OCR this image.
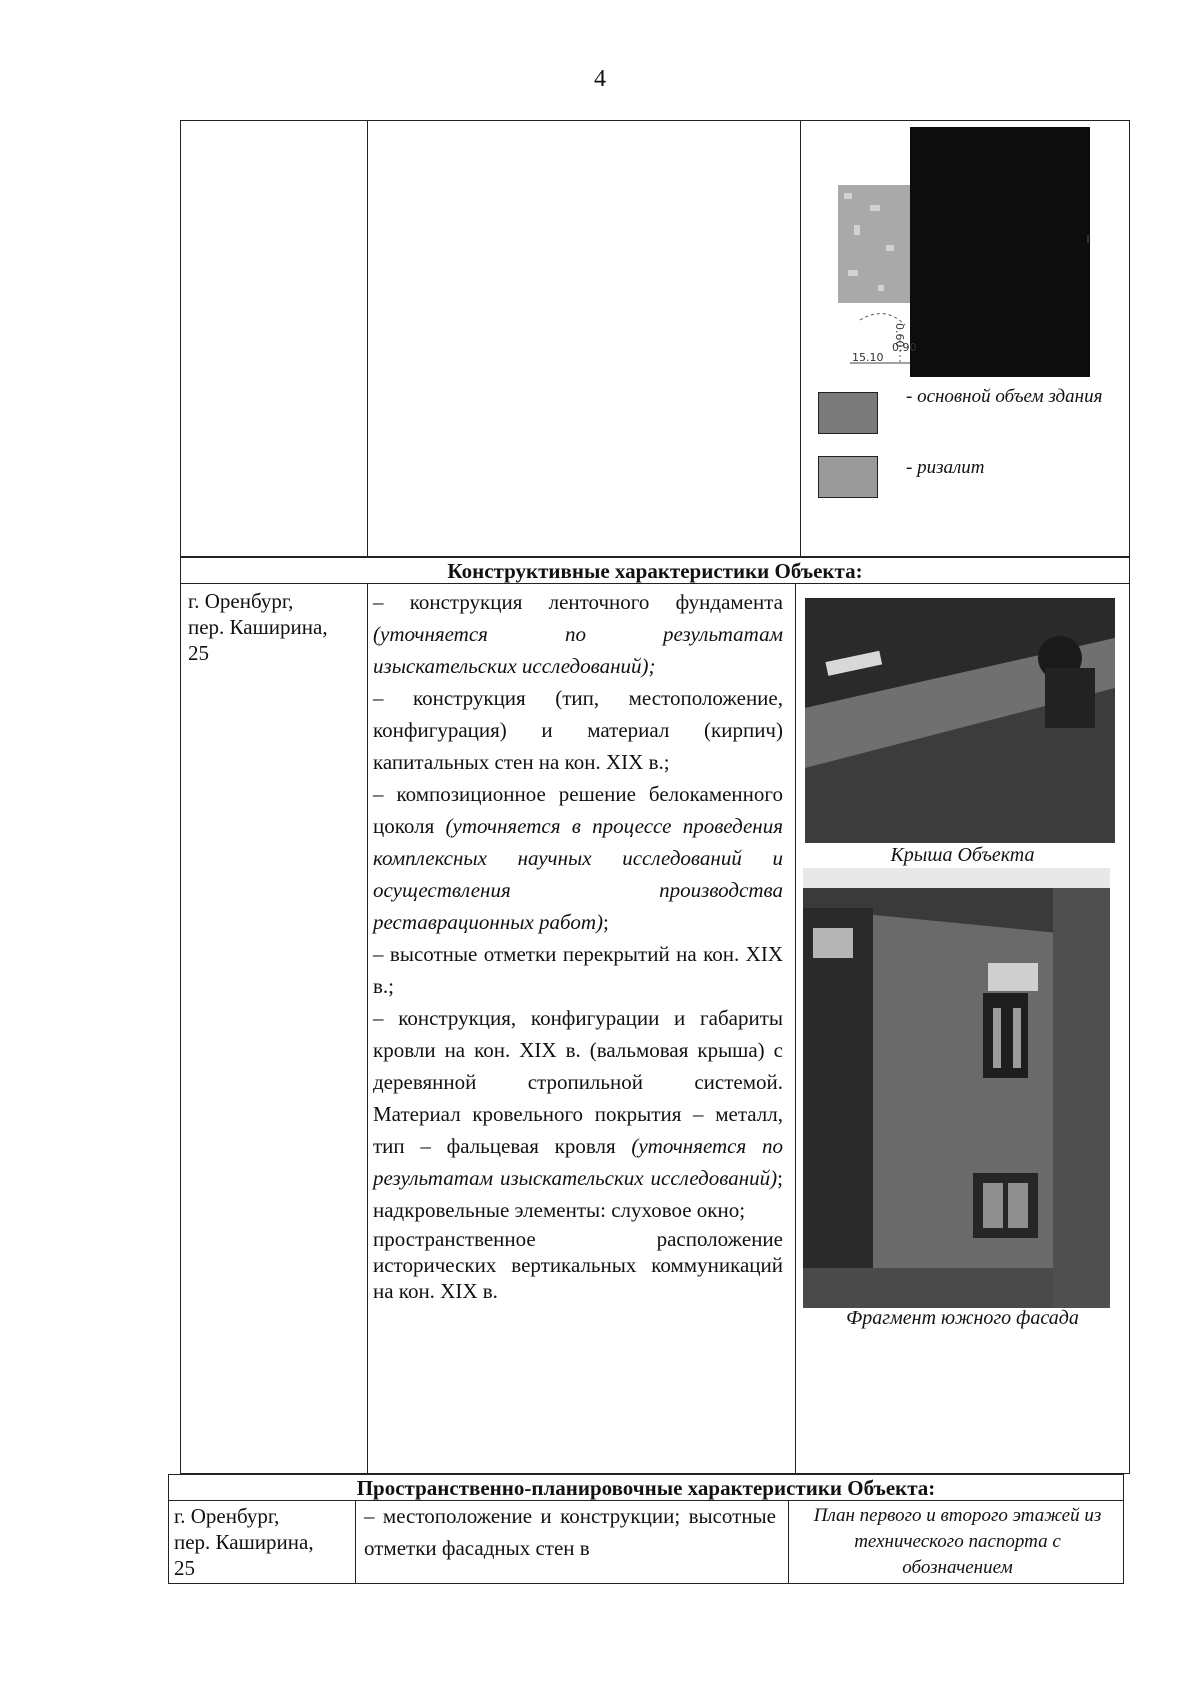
4
15.10
0.90
0.60
- основной объем здания
- ризалит
Конструктивные характеристики Объекта:
г. Оренбург,
пер. Каширина,
25

– конструкция ленточного фундамента (уточняется по результатам изыскательских исследований);

– конструкция (тип, местоположение, конфигурация) и материал (кирпич) капитальных стен на кон. XIX в.;

– композиционное решение белокаменного цоколя (уточняется в процессе проведения комплексных научных исследований и осуществления производства реставрационных работ);

– высотные отметки перекрытий на кон. XIX в.;

– конструкция, конфигурации и габариты кровли на кон. XIX в. (вальмовая крыша) с деревянной стропильной системой. Материал кровельного покрытия – металл, тип – фальцевая кровля (уточняется по результатам изыскательских исследований); надкровельные элементы: слуховое окно;

пространственное расположение исторических вертикальных коммуникаций на кон. XIX в.

Крыша Объекта
Фрагмент южного фасада
Пространственно-планировочные характеристики Объекта:
г. Оренбург,
пер. Каширина,
25
– местоположение и конструкции; высотные отметки фасадных стен в
План первого и второго этажей из технического паспорта с обозначением
